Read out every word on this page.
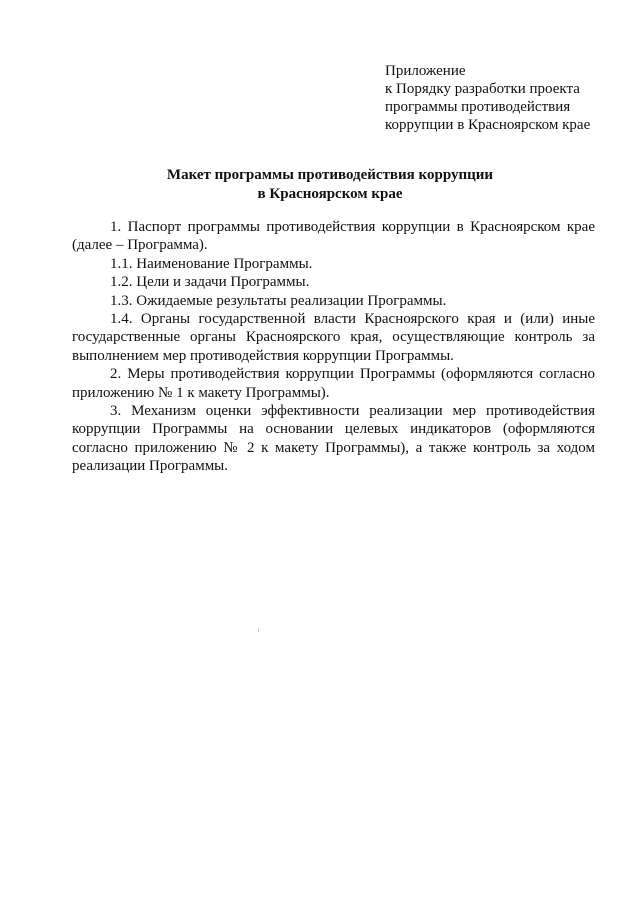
Приложение
к Порядку разработки проекта
программы противодействия
коррупции в Красноярском крае
Макет программы противодействия коррупции
в Красноярском крае

1. Паспорт программы противодействия коррупции в Красноярском крае (далее – Программа).

1.1. Наименование Программы.

1.2. Цели и задачи Программы.

1.3. Ожидаемые результаты реализации Программы.

1.4. Органы государственной власти Красноярского края и (или) иные государственные органы Красноярского края, осуществляющие контроль за выполнением мер противодействия коррупции Программы.

2. Меры противодействия коррупции Программы (оформляются согласно приложению № 1 к макету Программы).

3. Механизм оценки эффективности реализации мер противодействия коррупции Программы на основании целевых индикаторов (оформляются согласно приложению № 2 к макету Программы), а также контроль за ходом реализации Программы.
